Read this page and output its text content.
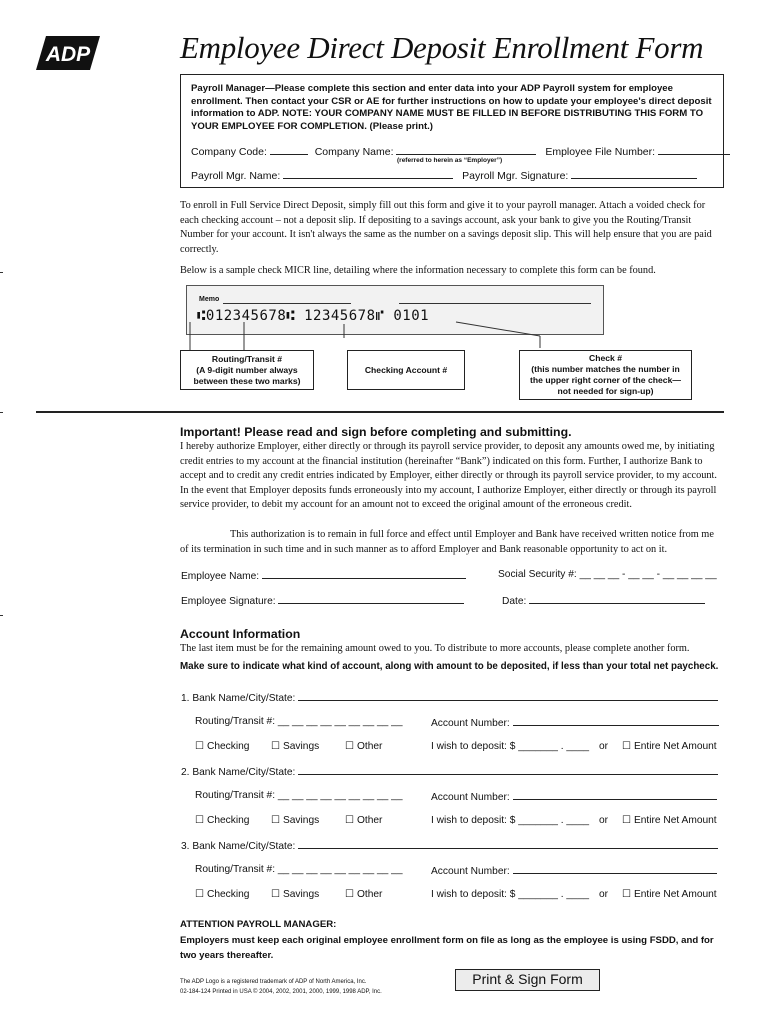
ADP	Employee Direct Deposit Enrollment Form
Payroll Manager—Please complete this section and enter data into your ADP Payroll system for employee enrollment. Then contact your CSR or AE for further instructions on how to update your employee's direct deposit information to ADP. NOTE: YOUR COMPANY NAME MUST BE FILLED IN BEFORE DISTRIBUTING THIS FORM TO YOUR EMPLOYEE FOR COMPLETION. (Please print.)
Company Code:	Company Name:	Employee File Number:
(referred to herein as “Employer”)
Payroll Mgr. Name:	Payroll Mgr. Signature:
To enroll in Full Service Direct Deposit, simply fill out this form and give it to your payroll manager. Attach a voided check for each checking account – not a deposit slip. If depositing to a savings account, ask your bank to give you the Routing/Transit Number for your account. It isn't always the same as the number on a savings deposit slip. This will help ensure that you are paid correctly.
Below is a sample check MICR line, detailing where the information necessary to complete this form can be found.
Memo
⑆012345678⑆ 12345678⑈ 0101
Routing/Transit #
(A 9-digit number always between these two marks)
Checking Account #
Check #
(this number matches the number in the upper right corner of the check—not needed for sign-up)
Important! Please read and sign before completing and submitting.
I hereby authorize Employer, either directly or through its payroll service provider, to deposit any amounts owed me, by initiating credit entries to my account at the financial institution (hereinafter “Bank”) indicated on this form. Further, I authorize Bank to accept and to credit any credit entries indicated by Employer, either directly or through its payroll service provider, to my account. In the event that Employer deposits funds erroneously into my account, I authorize Employer, either directly or through its payroll service provider, to debit my account for an amount not to exceed the original amount of the erroneous credit.
This authorization is to remain in full force and effect until Employer and Bank have received written notice from me of its termination in such time and in such manner as to afford Employer and Bank reasonable opportunity to act on it.
Employee Name:	Social Security #: __ __ __ - __ __ - __ __ __ __
Employee Signature:	Date:
Account Information
The last item must be for the remaining amount owed to you. To distribute to more accounts, please complete another form.
Make sure to indicate what kind of account, along with amount to be deposited, if less than your total net paycheck.
1. Bank Name/City/State:
Routing/Transit #: __ __ __ __ __ __ __ __ __	Account Number:
☐ Checking ☐ Savings	☐ Other	I wish to deposit: $ _______ . ____ or ☐ Entire Net Amount
2. Bank Name/City/State:
Routing/Transit #: __ __ __ __ __ __ __ __ __	Account Number:
☐ Checking ☐ Savings	☐ Other	I wish to deposit: $ _______ . ____ or ☐ Entire Net Amount
3. Bank Name/City/State:
Routing/Transit #: __ __ __ __ __ __ __ __ __	Account Number:
☐ Checking ☐ Savings	☐ Other	I wish to deposit: $ _______ . ____ or ☐ Entire Net Amount
ATTENTION PAYROLL MANAGER:
Employers must keep each original employee enrollment form on file as long as the employee is using FSDD, and for two years thereafter.
The ADP Logo is a registered trademark of ADP of North America, Inc.
02-184-124 Printed in USA © 2004, 2002, 2001, 2000, 1999, 1998 ADP, Inc.
Print & Sign Form
